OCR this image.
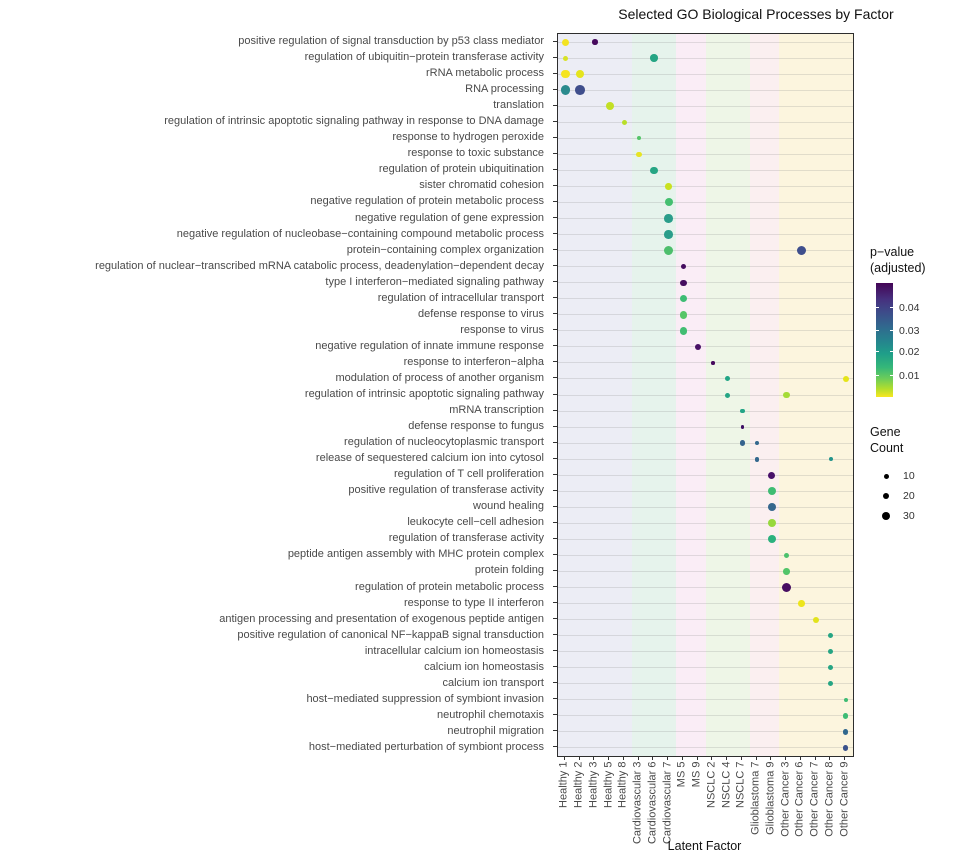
Selected GO Biological Processes by Factor
positive regulation of signal transduction by p53 class mediator
regulation of ubiquitin−protein transferase activity
rRNA metabolic process
RNA processing
translation
regulation of intrinsic apoptotic signaling pathway in response to DNA damage
response to hydrogen peroxide
response to toxic substance
regulation of protein ubiquitination
sister chromatid cohesion
negative regulation of protein metabolic process
negative regulation of gene expression
negative regulation of nucleobase−containing compound metabolic process
protein−containing complex organization
regulation of nuclear−transcribed mRNA catabolic process, deadenylation−dependent decay
type I interferon−mediated signaling pathway
regulation of intracellular transport
defense response to virus
response to virus
negative regulation of innate immune response
response to interferon−alpha
modulation of process of another organism
regulation of intrinsic apoptotic signaling pathway
mRNA transcription
defense response to fungus
regulation of nucleocytoplasmic transport
release of sequestered calcium ion into cytosol
regulation of T cell proliferation
positive regulation of transferase activity
wound healing
leukocyte cell−cell adhesion
regulation of transferase activity
peptide antigen assembly with MHC protein complex
protein folding
regulation of protein metabolic process
response to type II interferon
antigen processing and presentation of exogenous peptide antigen
positive regulation of canonical NF−kappaB signal transduction
intracellular calcium ion homeostasis
calcium ion homeostasis
calcium ion transport
host−mediated suppression of symbiont invasion
neutrophil chemotaxis
neutrophil migration
host−mediated perturbation of symbiont process
Healthy 1 Healthy 2 Healthy 3 Healthy 5 Healthy 8 Cardiovascular 3 Cardiovascular 6 Cardiovascular 7 MS 5 MS 9 NSCLC 2 NSCLC 4 NSCLC 7 Glioblastoma 7 Glioblastoma 9 Other Cancer 3 Other Cancer 6 Other Cancer 7 Other Cancer 8 Other Cancer 9
Latent Factor
p−value
(adjusted)
0.04
0.03
0.02
0.01
Gene
Count
10
20
30
